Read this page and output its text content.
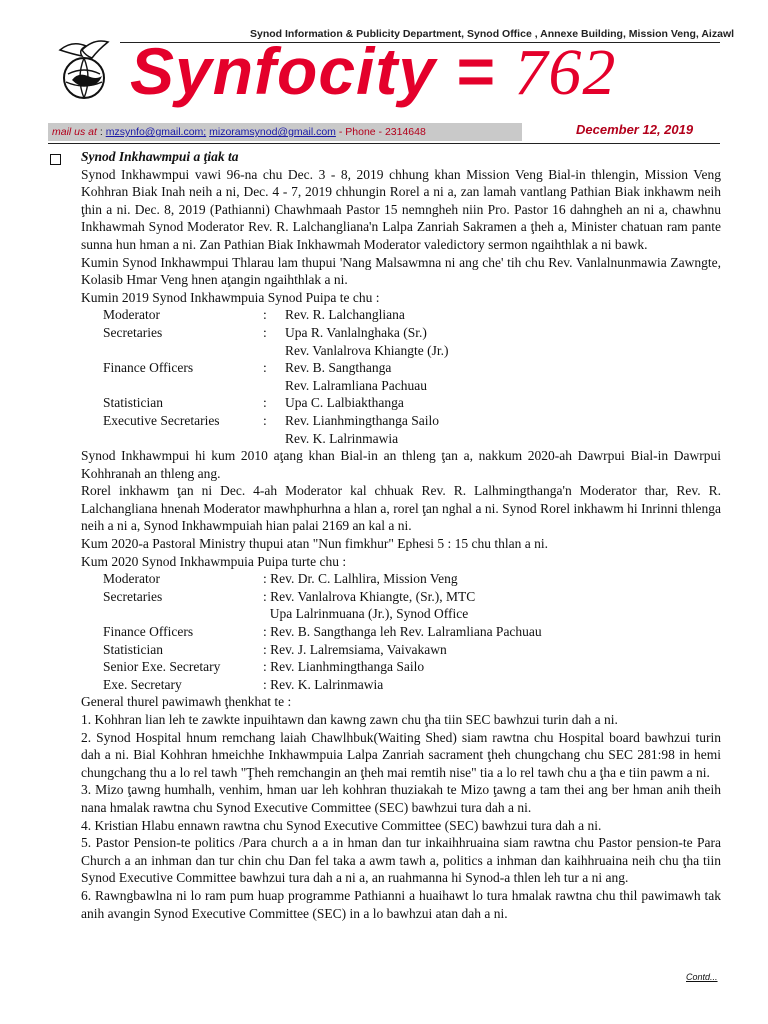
Synod Information & Publicity Department, Synod Office , Annexe Building, Mission Veng, Aizawl
Synfocity = 762
mail us at : mzsynfo@gmail.com; mizoramsynod@gmail.com - Phone - 2314648	December 12, 2019

Synod Inkhawmpui a ţiak ta

Synod Inkhawmpui vawi 96-na chu Dec. 3 - 8, 2019 chhung khan Mission Veng Bial-in thlengin, Mission Veng Kohhran Biak Inah neih a ni, Dec. 4 - 7, 2019 chhungin Rorel a ni a, zan lamah vantlang Pathian Biak inkhawm neih ţhin a ni. Dec. 8, 2019 (Pathianni) Chawhmaah Pastor 15 nemngheh niin Pro. Pastor 16 dahngheh an ni a, chawhnu Inkhawmah Synod Moderator Rev. R. Lalchangliana'n Lalpa Zanriah Sakramen a ţheh a, Minister chatuan ram pante sunna hun hman a ni. Zan Pathian Biak Inkhawmah Moderator valedictory sermon ngaihthlak a ni bawk.

Kumin Synod Inkhawmpui Thlarau lam thupui 'Nang Malsawmna ni ang che' tih chu Rev. Vanlalnunmawia Zawngte, Kolasib Hmar Veng hnen aţangin ngaihthlak a ni.

Kumin 2019 Synod Inkhawmpuia Synod Puipa te chu :

Moderator	:	Rev. R. Lalchangliana
Secretaries	:	Upa R. Vanlalnghaka (Sr.)
Rev. Vanlalrova Khiangte (Jr.)
Finance Officers	:	Rev. B. Sangthanga
Rev. Lalramliana Pachuau
Statistician	:	Upa C. Lalbiakthanga
Executive Secretaries	:	Rev. Lianhmingthanga Sailo
Rev. K. Lalrinmawia

Synod Inkhawmpui hi kum 2010 aţang khan Bial-in an thleng ţan a, nakkum 2020-ah Dawrpui Bial-in Dawrpui Kohhranah an thleng ang.

Rorel inkhawm ţan ni Dec. 4-ah Moderator kal chhuak Rev. R. Lalhmingthanga'n Moderator thar, Rev. R. Lalchangliana hnenah Moderator mawhphurhna a hlan a, rorel ţan nghal a ni. Synod Rorel inkhawm hi Inrinni thlenga neih a ni a, Synod Inkhawmpuiah hian palai 2169 an kal a ni.

Kum 2020-a Pastoral Ministry thupui atan "Nun fimkhur" Ephesi 5 : 15 chu thlan a ni.

Kum 2020 Synod Inkhawmpuia Puipa turte chu :

Moderator	: Rev. Dr. C. Lalhlira, Mission Veng
Secretaries	: Rev. Vanlalrova Khiangte, (Sr.), MTC
Upa Lalrinmuana (Jr.), Synod Office
Finance Officers	: Rev. B. Sangthanga leh Rev. Lalramliana Pachuau
Statistician	: Rev. J. Lalremsiama, Vaivakawn
Senior Exe. Secretary	: Rev. Lianhmingthanga Sailo
Exe. Secretary	: Rev. K. Lalrinmawia

General thurel pawimawh ţhenkhat te :

1. Kohhran lian leh te zawkte inpuihtawn dan kawng zawn chu ţha tiin SEC bawhzui turin dah a ni.

2. Synod Hospital hnum remchang laiah Chawlhbuk(Waiting Shed) siam rawtna chu Hospital board bawhzui turin dah a ni. Bial Kohhran hmeichhe Inkhawmpuia Lalpa Zanriah sacrament ţheh chungchang chu SEC 281:98 in hemi chungchang thu a lo rel tawh "Ţheh remchangin an ţheh mai remtih nise" tia a lo rel tawh chu a ţha e tiin pawm a ni.

3. Mizo ţawng humhalh, venhim, hman uar leh kohhran thuziakah te Mizo ţawng a tam thei ang ber hman anih theih nana hmalak rawtna chu Synod Executive Committee (SEC) bawhzui tura dah a ni.

4. Kristian Hlabu ennawn rawtna chu Synod Executive Committee (SEC) bawhzui tura dah a ni.

5. Pastor Pension-te politics /Para church a a in hman dan tur inkaihhruaina siam rawtna chu Pastor pension-te Para Church a an inhman dan tur chin chu Dan fel taka a awm tawh a, politics a inhman dan kaihhruaina neih chu ţha tiin Synod Executive Committee bawhzui tura dah a ni a, an ruahmanna hi Synod-a thlen leh tur a ni ang.

6. Rawngbawlna ni lo ram pum huap programme Pathianni a huaihawt lo tura hmalak rawtna chu thil pawimawh tak anih avangin Synod Executive Committee (SEC) in a lo bawhzui atan dah a ni.

Contd...
